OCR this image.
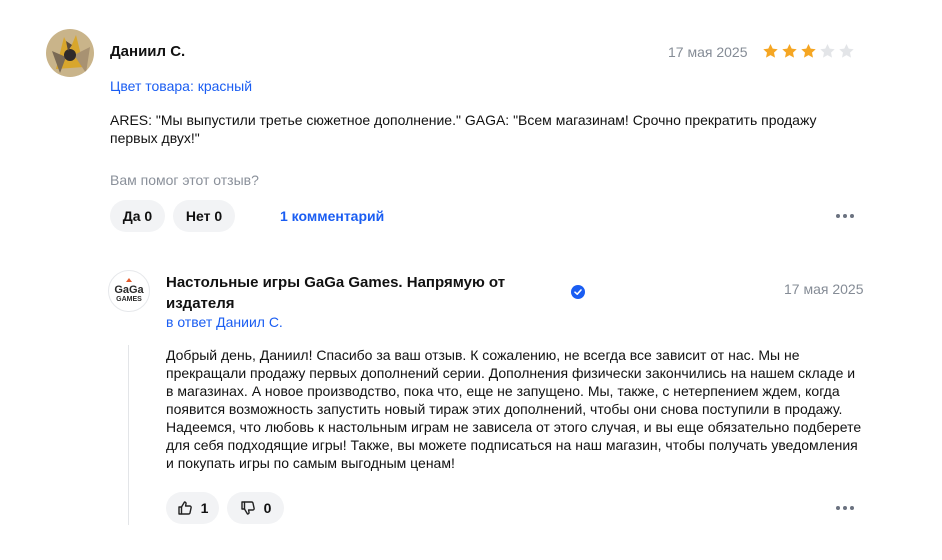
Даниил С.	17 мая 2025
Цвет товара: красный
ARES: "Мы выпустили третье сюжетное дополнение." GAGA: "Всем магазинам! Срочно прекратить продажу первых двух!"
Вам помог этот отзыв?
Да 0	Нет 0	1 комментарий
GaGa
GAMES
Настольные игры GaGa Games. Напрямую от издателя
17 мая 2025
в ответ Даниил С.
Добрый день, Даниил! Спасибо за ваш отзыв. К сожалению, не всегда все зависит от нас. Мы не прекращали продажу первых дополнений серии. Дополнения физически закончились на нашем складе и в магазинах. А новое производство, пока что, еще не запущено. Мы, также, с нетерпением ждем, когда появится возможность запустить новый тираж этих дополнений, чтобы они снова поступили в продажу. Надеемся, что любовь к настольным играм не зависела от этого случая, и вы еще обязательно подберете для себя подходящие игры! Также, вы можете подписаться на наш магазин, чтобы получать уведомления и покупать игры по самым выгодным ценам!
1	0
